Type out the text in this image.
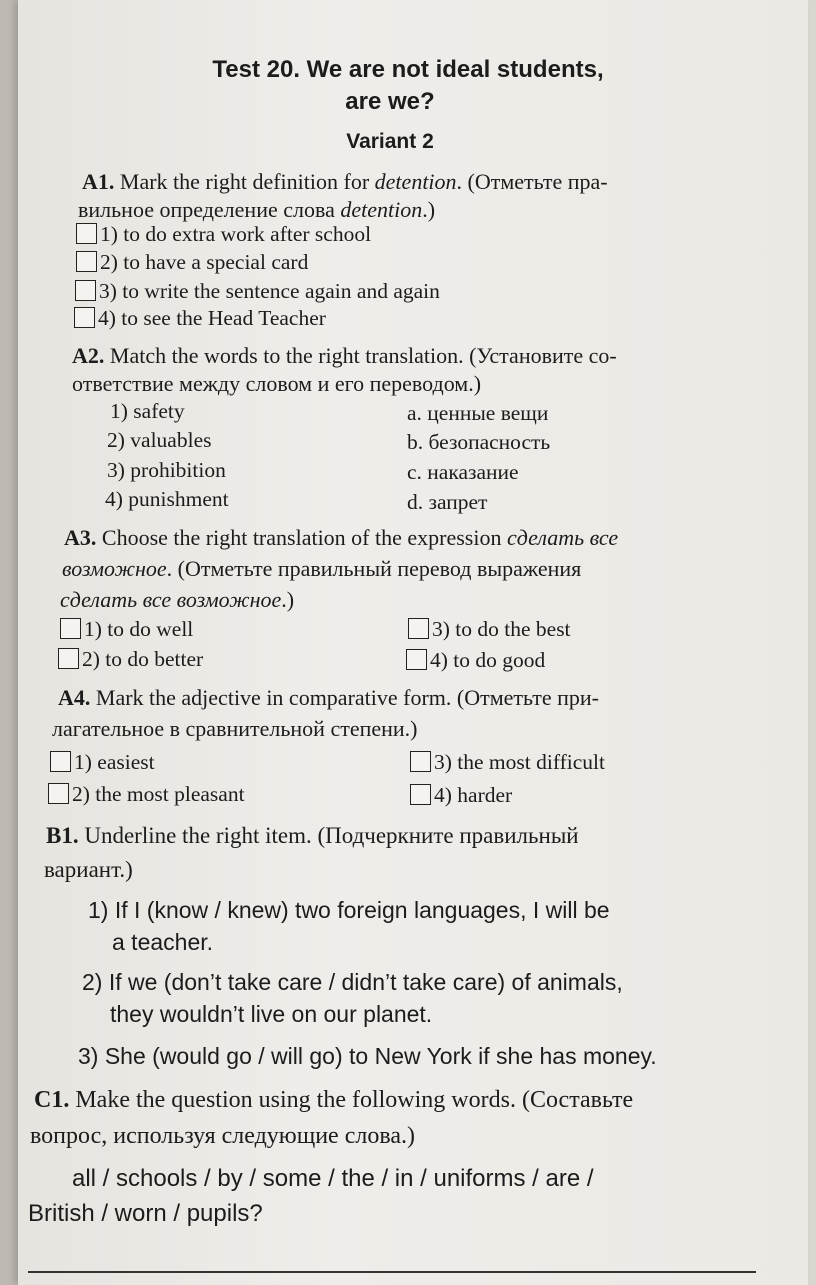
Test 20. We are not ideal students,
are we?
Variant 2
A1. Mark the right definition for detention. (Отметьте пра-
вильное определение слова detention.)
1) to do extra work after school
2) to have a special card
3) to write the sentence again and again
4) to see the Head Teacher
A2. Match the words to the right translation. (Установите со-
ответствие между словом и его переводом.)
1) safety
2) valuables
3) prohibition
4) punishment
a. ценные вещи
b. безопасность
c. наказание
d. запрет
A3. Choose the right translation of the expression сделать все
возможное. (Отметьте правильный перевод выражения
сделать все возможное.)
1) to do well
2) to do better
3) to do the best
4) to do good
A4. Mark the adjective in comparative form. (Отметьте при-
лагательное в сравнительной степени.)
1) easiest
2) the most pleasant
3) the most difficult
4) harder
B1. Underline the right item. (Подчеркните правильный
вариант.)
1) If I (know / knew) two foreign languages, I will be
a teacher.
2) If we (don’t take care / didn’t take care) of animals,
they wouldn’t live on our planet.
3) She (would go / will go) to New York if she has money.
C1. Make the question using the following words. (Составьте
вопрос, используя следующие слова.)
all / schools / by / some / the / in / uniforms / are /
British / worn / pupils?
